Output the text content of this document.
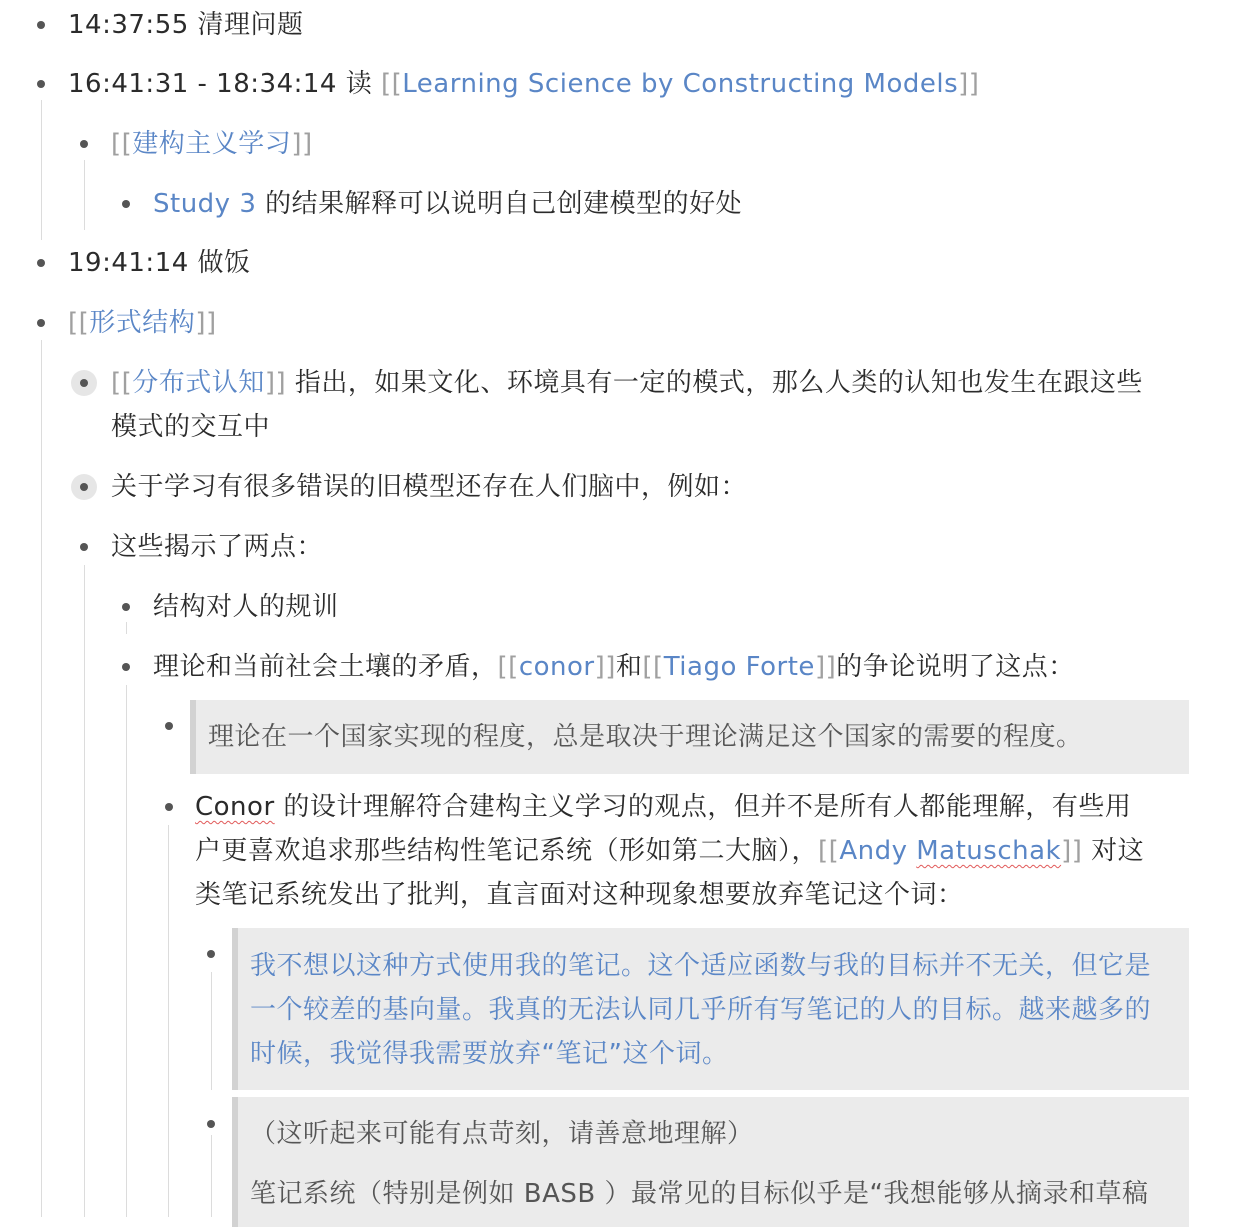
14:37:55 清理问题
16:41:31 - 18:34:14 读 [[Learning Science by Constructing Models]]
[[建构主义学习]]
Study 3 的结果解释可以说明自己创建模型的好处
19:41:14 做饭
[[形式结构]]
[[分布式认知]] 指出，如果文化、环境具有一定的模式，那么人类的认知也发生在跟这些
模式的交互中
关于学习有很多错误的旧模型还存在人们脑中，例如：
这些揭示了两点：
结构对人的规训
理论和当前社会土壤的矛盾，[[conor]]和[[Tiago Forte]]的争论说明了这点：
理论在一个国家实现的程度，总是取决于理论满足这个国家的需要的程度。
Conor 的设计理解符合建构主义学习的观点，但并不是所有人都能理解，有些用
户更喜欢追求那些结构性笔记系统（形如第二大脑），[[Andy Matuschak]] 对这
类笔记系统发出了批判，直言面对这种现象想要放弃笔记这个词：
我不想以这种方式使用我的笔记。这个适应函数与我的目标并不无关，但它是
一个较差的基向量。我真的无法认同几乎所有写笔记的人的目标。越来越多的
时候，我觉得我需要放弃“笔记”这个词。
（这听起来可能有点苛刻，请善意地理解）
笔记系统（特别是例如 BASB ）最常见的目标似乎是“我想能够从摘录和草稿
